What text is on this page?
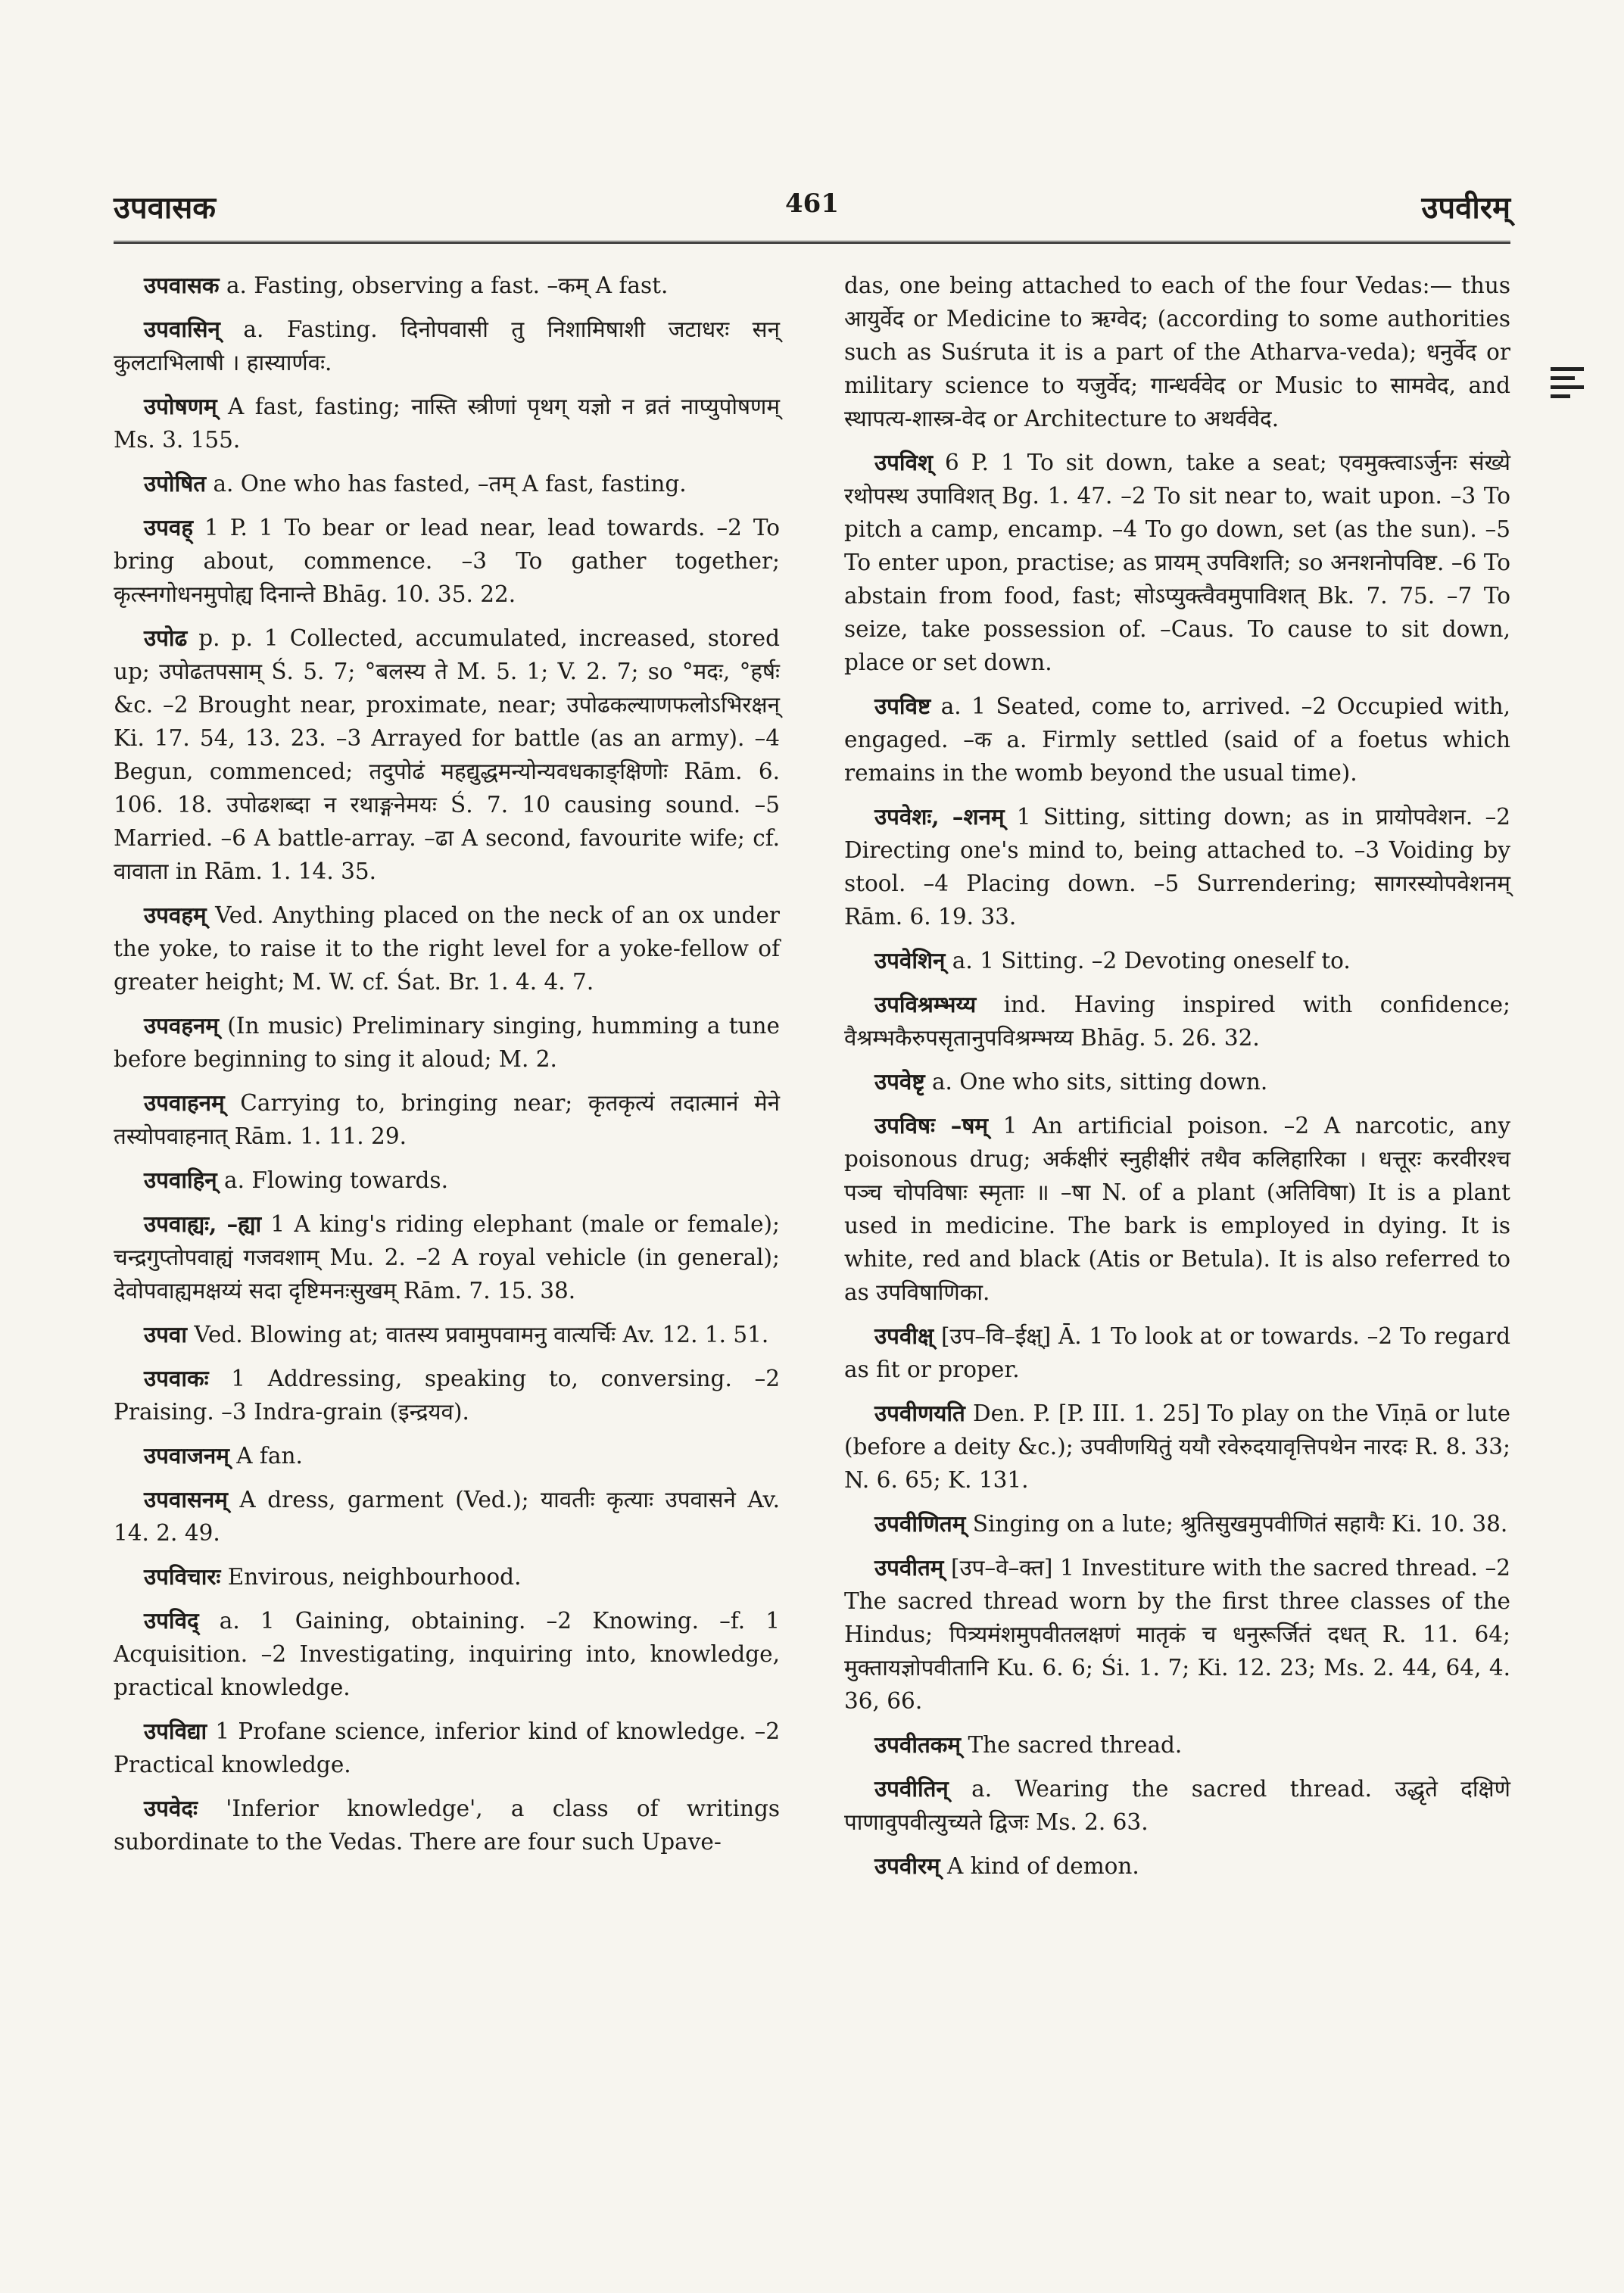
उपवासक	461	उपवीरम्

उपवासक a. Fasting, observing a fast. –कम् A fast.

उपवासिन् a. Fasting. दिनोपवासी तु निशामिषाशी जटाधरः सन् कुलटाभिलाषी । हास्यार्णवः.

उपोषणम् A fast, fasting; नास्ति स्त्रीणां पृथग् यज्ञो न व्रतं नाप्युपोषणम् Ms. 3. 155.

उपोषित a. One who has fasted, –तम् A fast, fasting.

उपवह् 1 P. 1 To bear or lead near, lead towards. –2 To bring about, commence. –3 To gather together; कृत्स्नगोधनमुपोह्य दिनान्ते Bhāg. 10. 35. 22.

उपोढ p. p. 1 Collected, accumulated, increased, stored up; उपोढतपसाम् Ś. 5. 7; °बलस्य ते M. 5. 1; V. 2. 7; so °मदः, °हर्षः &c. –2 Brought near, proximate, near; उपोढकल्याणफलोऽभिरक्षन् Ki. 17. 54, 13. 23. –3 Arrayed for battle (as an army). –4 Begun, commenced; तदुपोढं महद्युद्धमन्योन्यवधकाङ्क्षिणोः Rām. 6. 106. 18. उपोढशब्दा न रथाङ्गनेमयः Ś. 7. 10 causing sound. –5 Married. –6 A battle-array. –ढा A second, favourite wife; cf. वावाता in Rām. 1. 14. 35.

उपवहम् Ved. Anything placed on the neck of an ox under the yoke, to raise it to the right level for a yoke-fellow of greater height; M. W. cf. Śat. Br. 1. 4. 4. 7.

उपवहनम् (In music) Preliminary singing, humming a tune before beginning to sing it aloud; M. 2.

उपवाहनम् Carrying to, bringing near; कृतकृत्यं तदात्मानं मेने तस्योपवाहनात् Rām. 1. 11. 29.

उपवाहिन् a. Flowing towards.

उपवाह्यः, –ह्या 1 A king's riding elephant (male or female); चन्द्रगुप्तोपवाह्यं गजवशाम् Mu. 2. –2 A royal vehicle (in general); देवोपवाह्यमक्षय्यं सदा दृष्टिमनःसुखम् Rām. 7. 15. 38.

उपवा Ved. Blowing at; वातस्य प्रवामुपवामनु वात्यर्चिः Av. 12. 1. 51.

उपवाकः 1 Addressing, speaking to, conversing. –2 Praising. –3 Indra-grain (इन्द्रयव).

उपवाजनम् A fan.

उपवासनम् A dress, garment (Ved.); यावतीः कृत्याः उपवासने Av. 14. 2. 49.

उपविचारः Envirous, neighbourhood.

उपविद् a. 1 Gaining, obtaining. –2 Knowing. –f. 1 Acquisition. –2 Investigating, inquiring into, knowledge, practical knowledge.

उपविद्या 1 Profane science, inferior kind of knowledge. –2 Practical knowledge.

उपवेदः 'Inferior knowledge', a class of writings subordinate to the Vedas. There are four such Upave-

das, one being attached to each of the four Vedas:— thus आयुर्वेद or Medicine to ऋग्वेद; (according to some authorities such as Suśruta it is a part of the Atharva-veda); धनुर्वेद or military science to यजुर्वेद; गान्धर्ववेद or Music to सामवेद, and स्थापत्य-शास्त्र-वेद or Architecture to अथर्ववेद.

उपविश् 6 P. 1 To sit down, take a seat; एवमुक्त्वाऽर्जुनः संख्ये रथोपस्थ उपाविशत् Bg. 1. 47. –2 To sit near to, wait upon. –3 To pitch a camp, encamp. –4 To go down, set (as the sun). –5 To enter upon, practise; as प्रायम् उपविशति; so अनशनोपविष्ट. –6 To abstain from food, fast; सोऽप्युक्त्वैवमुपाविशत् Bk. 7. 75. –7 To seize, take possession of. –Caus. To cause to sit down, place or set down.

उपविष्ट a. 1 Seated, come to, arrived. –2 Occupied with, engaged. –क a. Firmly settled (said of a foetus which remains in the womb beyond the usual time).

उपवेशः, –शनम् 1 Sitting, sitting down; as in प्रायोपवेशन. –2 Directing one's mind to, being attached to. –3 Voiding by stool. –4 Placing down. –5 Surrendering; सागरस्योपवेशनम् Rām. 6. 19. 33.

उपवेशिन् a. 1 Sitting. –2 Devoting oneself to.

उपविश्रम्भय्य ind. Having inspired with confidence; वैश्रम्भकैरुपसृतानुपविश्रम्भय्य Bhāg. 5. 26. 32.

उपवेष्टृ a. One who sits, sitting down.

उपविषः –षम् 1 An artificial poison. –2 A narcotic, any poisonous drug; अर्कक्षीरं स्नुहीक्षीरं तथैव कलिहारिका । धत्तूरः करवीरश्च पञ्च चोपविषाः स्मृताः ॥ –षा N. of a plant (अतिविषा) It is a plant used in medicine. The bark is employed in dying. It is white, red and black (Atis or Betula). It is also referred to as उपविषाणिका.

उपवीक्ष् [उप–वि–ईक्ष्] Ā. 1 To look at or towards. –2 To regard as fit or proper.

उपवीणयति Den. P. [P. III. 1. 25] To play on the Vīṇā or lute (before a deity &c.); उपवीणयितुं ययौ रवेरुदयावृत्तिपथेन नारदः R. 8. 33; N. 6. 65; K. 131.

उपवीणितम् Singing on a lute; श्रुतिसुखमुपवीणितं सहायैः Ki. 10. 38.

उपवीतम् [उप–वे–क्त] 1 Investiture with the sacred thread. –2 The sacred thread worn by the first three classes of the Hindus; पित्र्यमंशमुपवीतलक्षणं मातृकं च धनुरूर्जितं दधत् R. 11. 64; मुक्तायज्ञोपवीतानि Ku. 6. 6; Śi. 1. 7; Ki. 12. 23; Ms. 2. 44, 64, 4. 36, 66.

उपवीतकम् The sacred thread.

उपवीतिन् a. Wearing the sacred thread. उद्धृते दक्षिणे पाणावुपवीत्युच्यते द्विजः Ms. 2. 63.

उपवीरम् A kind of demon.
